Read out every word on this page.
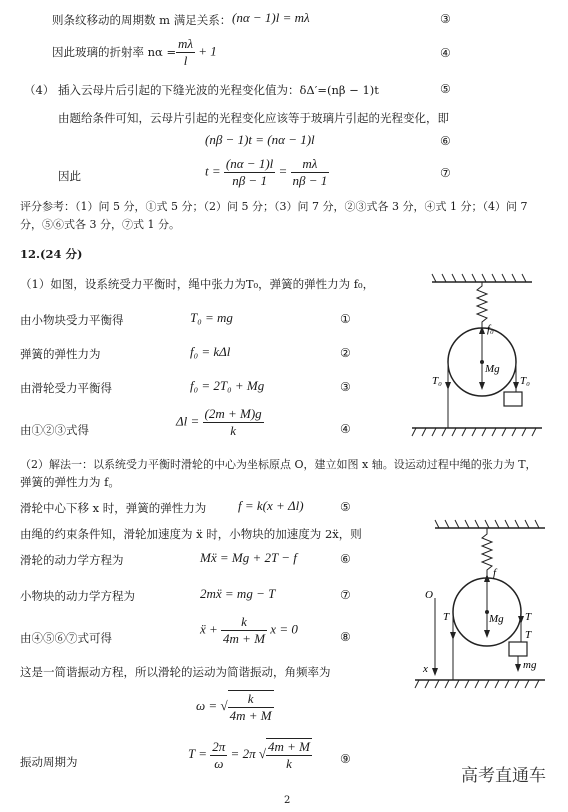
则条纹移动的周期数 m 满足关系： (nα − 1)l = mλ	③
因此玻璃的折射率 $n\alpha = \frac{m\lambda}{l} + 1$	④
（4） 插入云母片后引起的下缝光波的光程变化值为：δΔ′=(nβ − 1)t	⑤
由题给条件可知，云母片引起的光程变化应该等于玻璃片引起的光程变化，即
(nβ − 1)t = (nα − 1)l	⑥
因此	$t = \frac{(n\alpha - 1)l}{n\beta - 1} = \frac{m\lambda}{n\beta - 1}$	⑦
评分参考：（1）问 5 分，①式 5 分；（2）问 5 分；（3）问 7 分，②③式各 3 分，④式 1 分；（4）问 7
分，⑤⑥式各 3 分，⑦式 1 分。
12.(24 分)
（1）如图，设系统受力平衡时，绳中张力为T₀，弹簧的弹性力为 f₀，
由小物块受力平衡得	T₀ = mg	①
弹簧的弹性力为	f₀ = kΔl	②
由滑轮受力平衡得	f₀ = 2T₀ + Mg	③
由①②③式得
$\Delta l = \frac{(2m + M)g}{k}$	④
f₀
Mg
T₀	T₀
（2）解法一：以系统受力平衡时滑轮的中心为坐标原点 O，建立如图 x 轴。设运动过程中绳的张力为 T，
弹簧的弹性力为 f。
滑轮中心下移 x 时，弹簧的弹性力为 f = k(x + Δl)	⑤
由绳的约束条件知，滑轮加速度为 ẍ 时，小物块的加速度为 2ẍ，则
滑轮的动力学方程为	Mẍ = Mg + 2T − f	⑥
小物块的动力学方程为	2mẍ = mg − T	⑦
由④⑤⑥⑦式可得
ẍ + $\frac{k}{4m + M}$ x = 0
⑧
这是一简谐振动方程，所以滑轮的运动为简谐振动，角频率为
ω = √ $\frac{k}{4m + M}$
振动周期为
$T = \frac{2\pi}{\omega} = 2\pi$ √ $\frac{4m + M}{k}$ ⑨
f
Mg
O
T	T
T
x	mg
高考直通车
2
